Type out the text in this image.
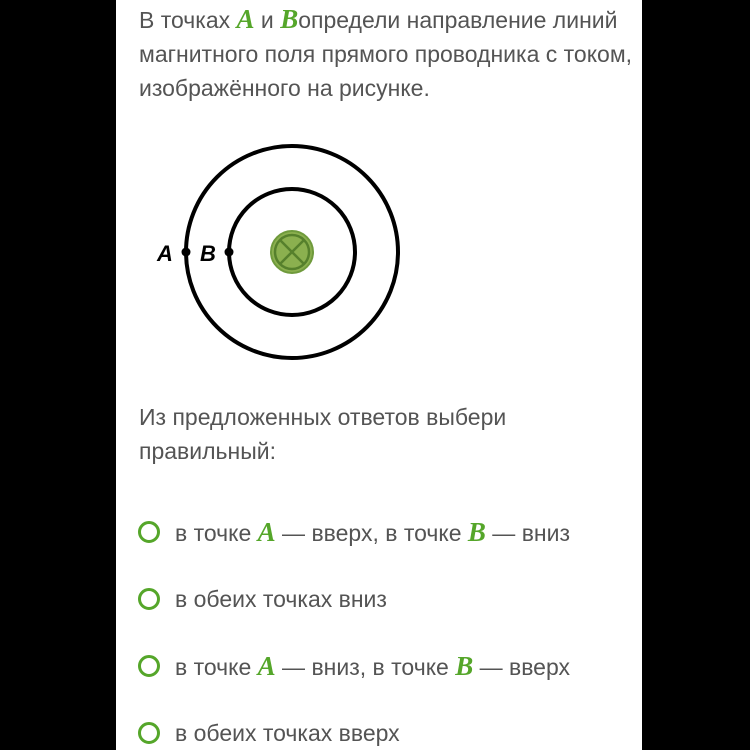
В точках A и Bопредели направление линий магнитного поля прямого проводника с током, изображённого на рисунке.
A B
Из предложенных ответов выбери правильный:
в точке A — вверх, в точке B — вниз
в обеих точках вниз
в точке A — вниз, в точке B — вверх
в обеих точках вверх
